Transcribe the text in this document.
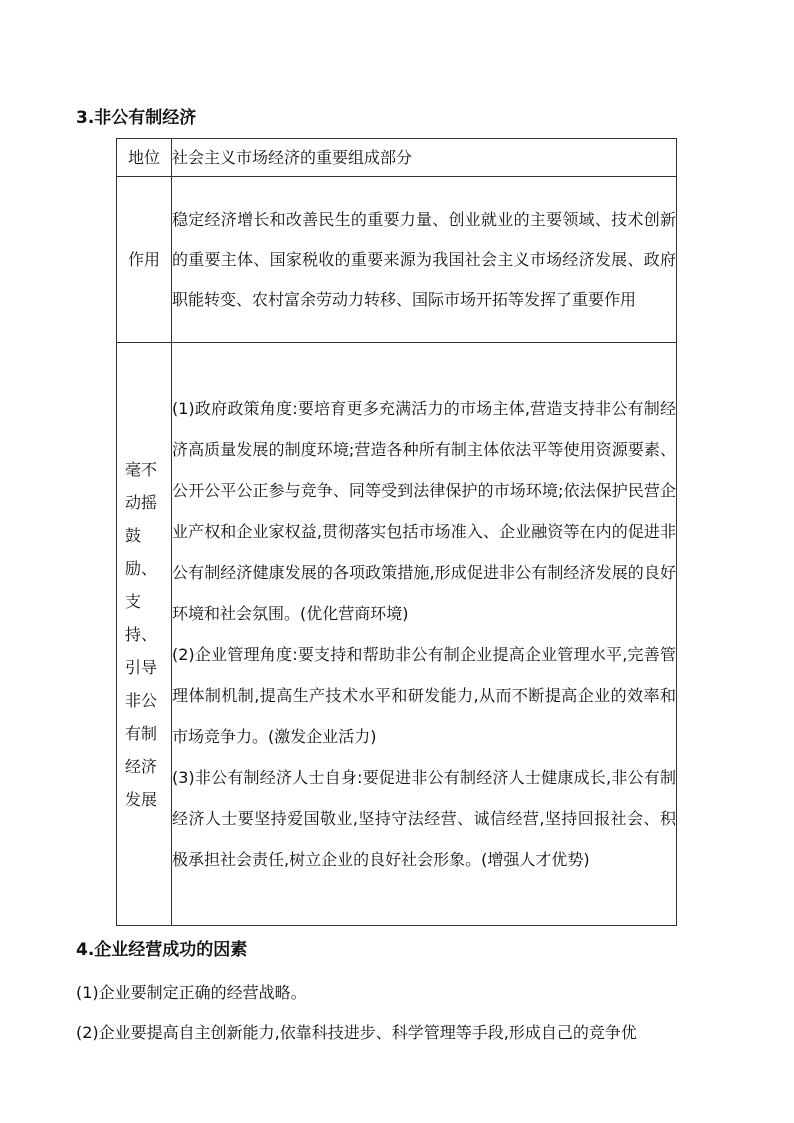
3.非公有制经济
地位	社会主义市场经济的重要组成部分

作用	稳定经济增长和改善民生的重要力量、创业就业的主要领域、技术创新的重要主体、国家税收的重要来源为我国社会主义市场经济发展、政府职能转变、农村富余劳动力转移、国际市场开拓等发挥了重要作用

毫不动摇鼓励、支持、引导非公有制经济发展	(1)政府政策角度:要培育更多充满活力的市场主体,营造支持非公有制经济高质量发展的制度环境;营造各种所有制主体依法平等使用资源要素、公开公平公正参与竞争、同等受到法律保护的市场环境;依法保护民营企业产权和企业家权益,贯彻落实包括市场准入、企业融资等在内的促进非公有制经济健康发展的各项政策措施,形成促进非公有制经济发展的良好环境和社会氛围。(优化营商环境)
(2)企业管理角度:要支持和帮助非公有制企业提高企业管理水平,完善管理体制机制,提高生产技术水平和研发能力,从而不断提高企业的效率和市场竞争力。(激发企业活力)
(3)非公有制经济人士自身:要促进非公有制经济人士健康成长,非公有制经济人士要坚持爱国敬业,坚持守法经营、诚信经营,坚持回报社会、积极承担社会责任,树立企业的良好社会形象。(增强人才优势)
4.企业经营成功的因素
(1)企业要制定正确的经营战略。
(2)企业要提高自主创新能力,依靠科技进步、科学管理等手段,形成自己的竞争优
